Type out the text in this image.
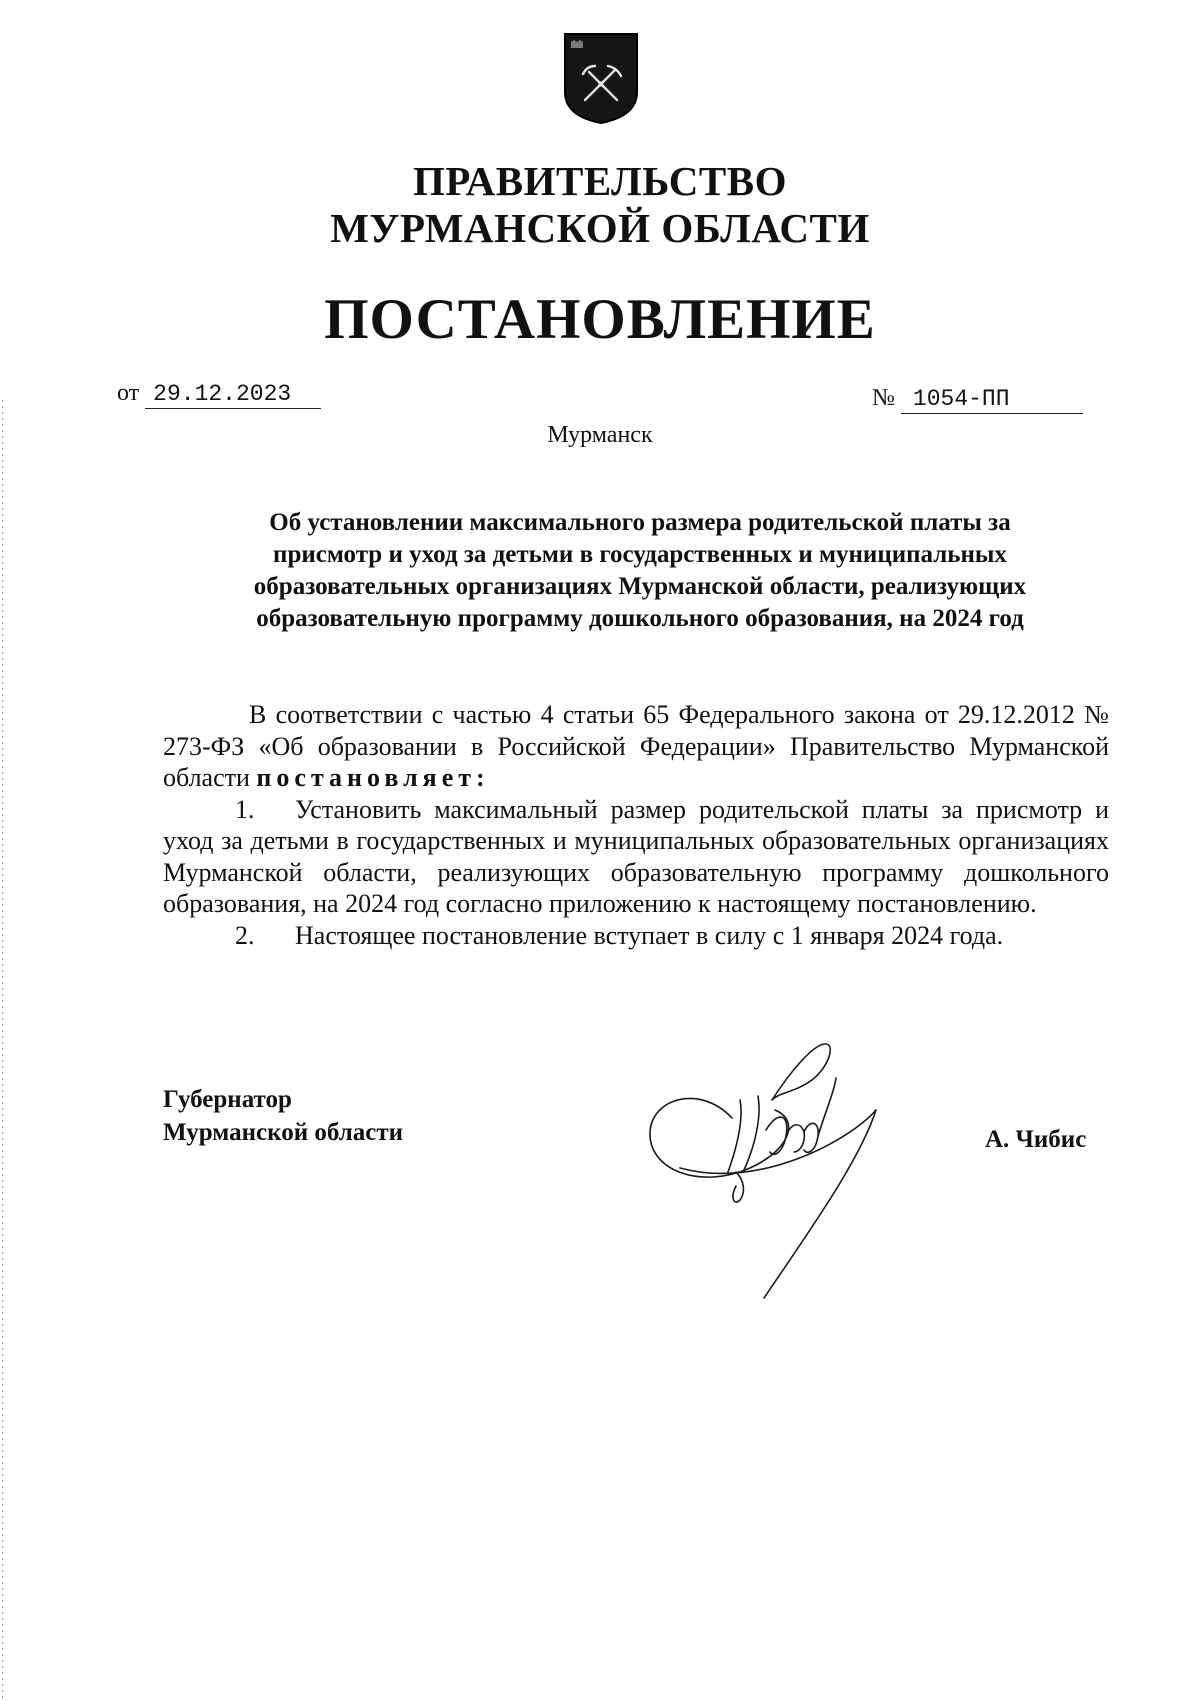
ПРАВИТЕЛЬСТВО
МУРМАНСКОЙ ОБЛАСТИ
ПОСТАНОВЛЕНИЕ
от 29.12.2023	№ 1054-ПП
Мурманск
Об установлении максимального размера родительской платы за
присмотр и уход за детьми в государственных и муниципальных
образовательных организациях Мурманской области, реализующих
образовательную программу дошкольного образования, на 2024 год

В соответствии с частью 4 статьи 65 Федерального закона от 29.12.2012 № 273-ФЗ «Об образовании в Российской Федерации» Правительство Мурманской области постановляет:

1. Установить максимальный размер родительской платы за присмотр и уход за детьми в государственных и муниципальных образовательных организациях Мурманской области, реализующих образовательную программу дошкольного образования, на 2024 год согласно приложению к настоящему постановлению.

2. Настоящее постановление вступает в силу с 1 января 2024 года.

Губернатор
Мурманской области	А. Чибис
